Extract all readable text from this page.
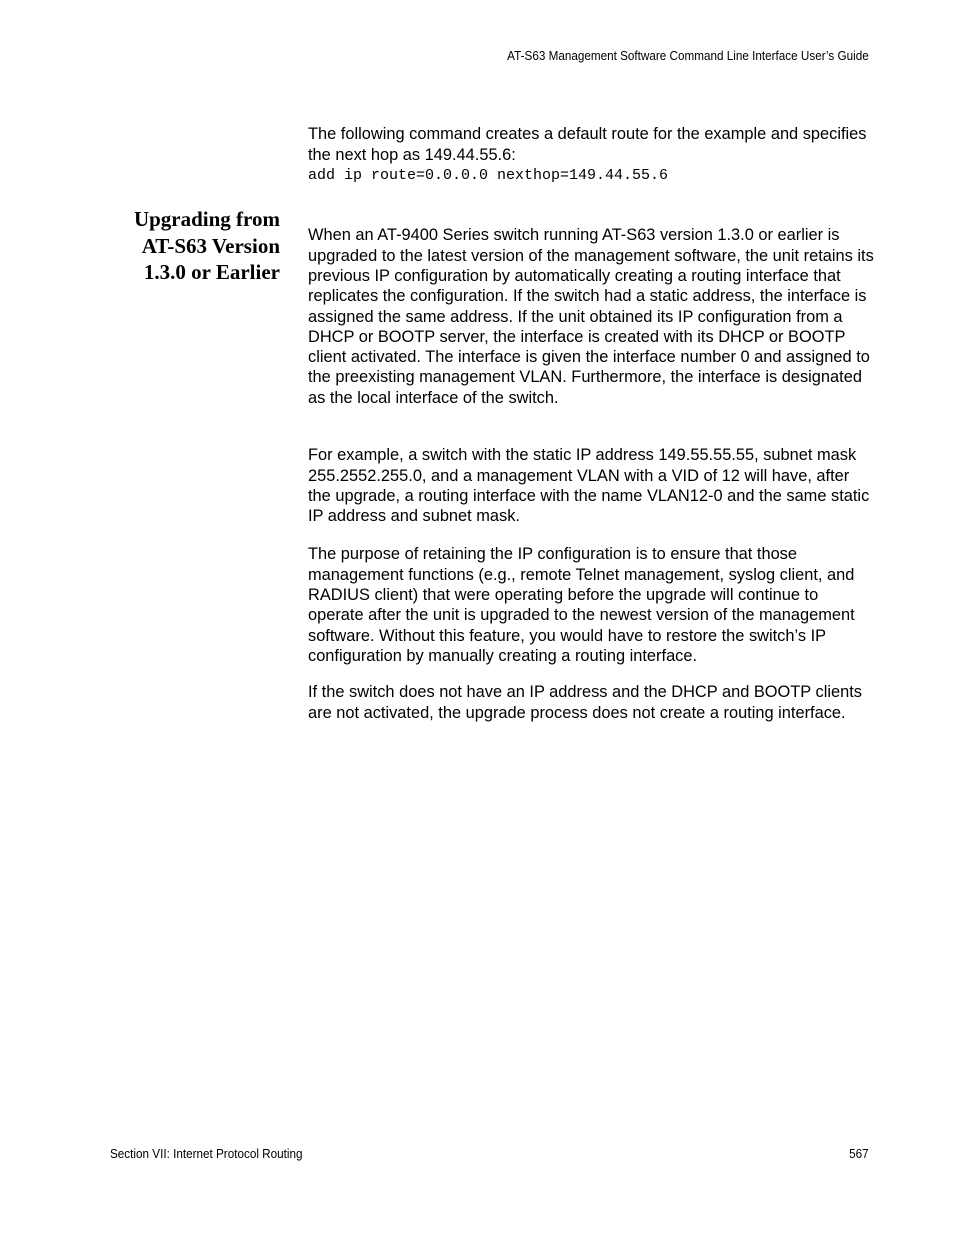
AT-S63 Management Software Command Line Interface User’s Guide

The following command creates a default route for the example and specifies the next hop as 149.44.55.6:

add ip route=0.0.0.0 nexthop=149.44.55.6
Upgrading from
AT-S63 Version
1.3.0 or Earlier

When an AT-9400 Series switch running AT-S63 version 1.3.0 or earlier is upgraded to the latest version of the management software, the unit retains its previous IP configuration by automatically creating a routing interface that replicates the configuration. If the switch had a static address, the interface is assigned the same address. If the unit obtained its IP configuration from a DHCP or BOOTP server, the interface is created with its DHCP or BOOTP client activated. The interface is given the interface number 0 and assigned to the preexisting management VLAN. Furthermore, the interface is designated as the local interface of the switch.

For example, a switch with the static IP address 149.55.55.55, subnet mask 255.2552.255.0, and a management VLAN with a VID of 12 will have, after the upgrade, a routing interface with the name VLAN12-0 and the same static IP address and subnet mask.

The purpose of retaining the IP configuration is to ensure that those management functions (e.g., remote Telnet management, syslog client, and RADIUS client) that were operating before the upgrade will continue to operate after the unit is upgraded to the newest version of the management software. Without this feature, you would have to restore the switch’s IP configuration by manually creating a routing interface.

If the switch does not have an IP address and the DHCP and BOOTP clients are not activated, the upgrade process does not create a routing interface.

Section VII: Internet Protocol Routing	567
